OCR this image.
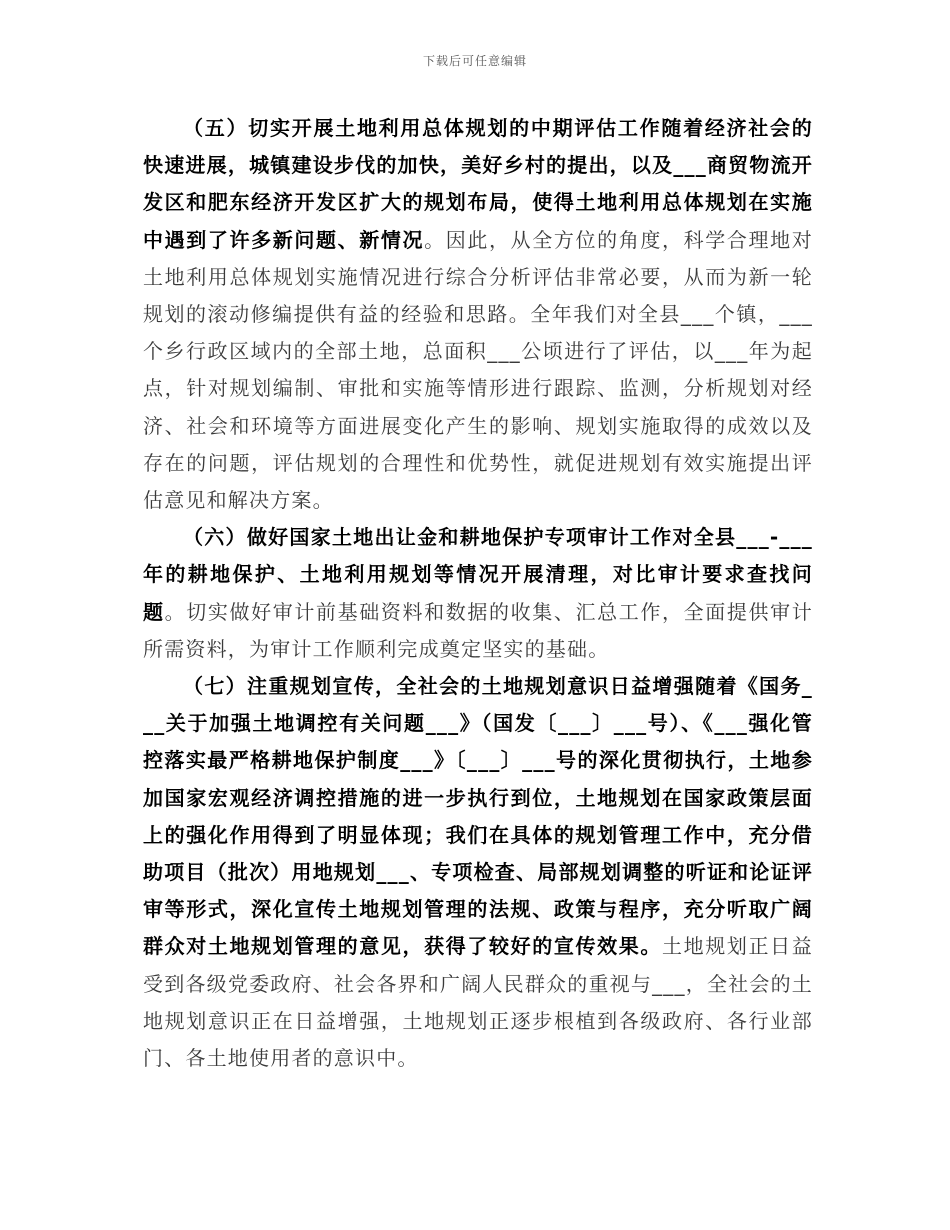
下载后可任意编辑

（五）切实开展土地利用总体规划的中期评估工作随着经济社会的快速进展，城镇建设步伐的加快，美好乡村的提出，以及___商贸物流开发区和肥东经济开发区扩大的规划布局，使得土地利用总体规划在实施中遇到了许多新问题、新情况。因此，从全方位的角度，科学合理地对土地利用总体规划实施情况进行综合分析评估非常必要，从而为新一轮规划的滚动修编提供有益的经验和思路。全年我们对全县___个镇，___个乡行政区域内的全部土地，总面积___公顷进行了评估，以___年为起点，针对规划编制、审批和实施等情形进行跟踪、监测，分析规划对经济、社会和环境等方面进展变化产生的影响、规划实施取得的成效以及存在的问题，评估规划的合理性和优势性，就促进规划有效实施提出评估意见和解决方案。

（六）做好国家土地出让金和耕地保护专项审计工作对全县___-___年的耕地保护、土地利用规划等情况开展清理，对比审计要求查找问题。切实做好审计前基础资料和数据的收集、汇总工作，全面提供审计所需资料，为审计工作顺利完成奠定坚实的基础。

（七）注重规划宣传，全社会的土地规划意识日益增强随着《国务___关于加强土地调控有关问题___》（国发〔___〕___号）、《___强化管控落实最严格耕地保护制度___》〔___〕___号的深化贯彻执行，土地参加国家宏观经济调控措施的进一步执行到位，土地规划在国家政策层面上的强化作用得到了明显体现；我们在具体的规划管理工作中，充分借助项目（批次）用地规划___、专项检查、局部规划调整的听证和论证评审等形式，深化宣传土地规划管理的法规、政策与程序，充分听取广阔群众对土地规划管理的意见，获得了较好的宣传效果。土地规划正日益受到各级党委政府、社会各界和广阔人民群众的重视与___，全社会的土地规划意识正在日益增强，土地规划正逐步根植到各级政府、各行业部门、各土地使用者的意识中。
